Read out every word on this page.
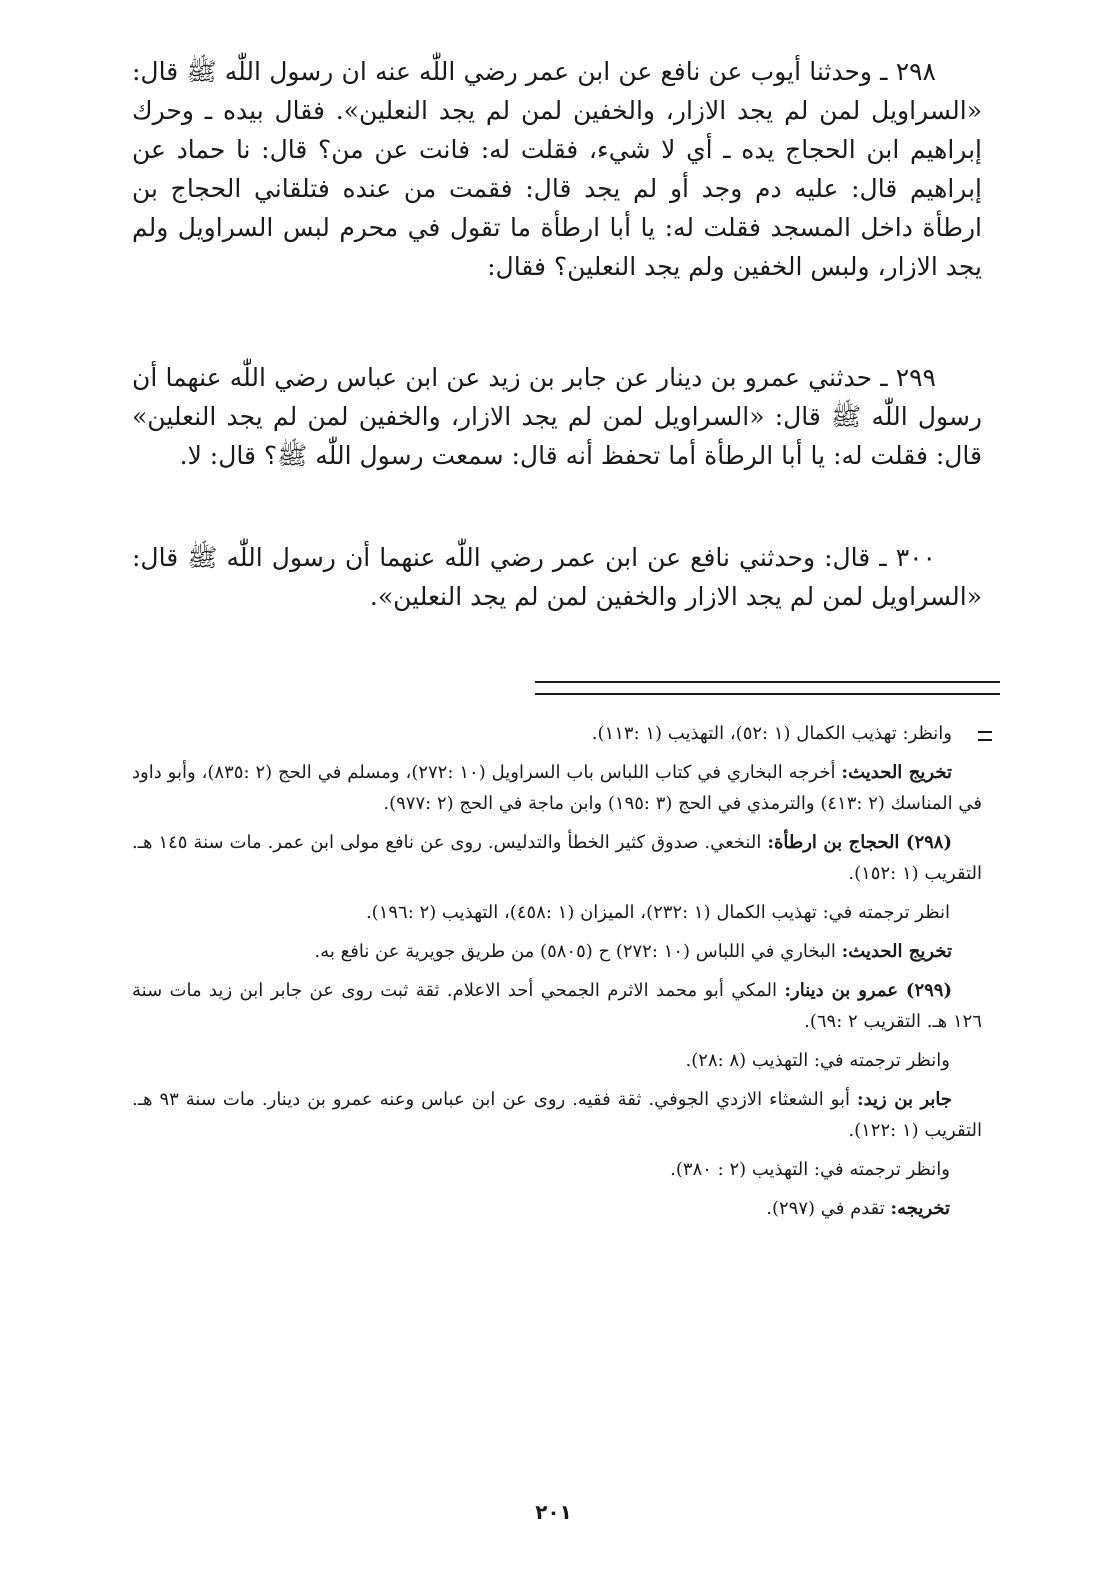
٢٩٨ ـ وحدثنا أيوب عن نافع عن ابن عمر رضي اللّٰه عنه ان رسول اللّٰه ﷺ قال: «السراويل لمن لم يجد الازار، والخفين لمن لم يجد النعلين». فقال بيده ـ وحرك إبراهيم ابن الحجاج يده ـ أي لا شيء، فقلت له: فانت عن من؟ قال: نا حماد عن إبراهيم قال: عليه دم وجد أو لم يجد قال: فقمت من عنده فتلقاني الحجاج بن ارطأة داخل المسجد فقلت له: يا أبا ارطأة ما تقول في محرم لبس السراويل ولم يجد الازار، ولبس الخفين ولم يجد النعلين؟ فقال:

٢٩٩ ـ حدثني عمرو بن دينار عن جابر بن زيد عن ابن عباس رضي اللّٰه عنهما أن رسول اللّٰه ﷺ قال: «السراويل لمن لم يجد الازار، والخفين لمن لم يجد النعلين» قال: فقلت له: يا أبا الرطأة أما تحفظ أنه قال: سمعت رسول اللّٰه ﷺ؟ قال: لا.

٣٠٠ ـ قال: وحدثني نافع عن ابن عمر رضي اللّٰه عنهما أن رسول اللّٰه ﷺ قال: «السراويل لمن لم يجد الازار والخفين لمن لم يجد النعلين».

وانظر: تهذيب الكمال (١ :٥٢)، التهذيب (١ :١١٣).

تخريج الحديث: أخرجه البخاري في كتاب اللباس باب السراويل (١٠ :٢٧٢)، ومسلم في الحج (٢ :٨٣٥)، وأبو داود في المناسك (٢ :٤١٣) والترمذي في الحج (٣ :١٩٥) وابن ماجة في الحج (٢ :٩٧٧).

(٢٩٨) الحجاج بن ارطأة: النخعي. صدوق كثير الخطأ والتدليس. روى عن نافع مولى ابن عمر. مات سنة ١٤٥ هـ. التقريب (١ :١٥٢).

انظر ترجمته في: تهذيب الكمال (١ :٢٣٢)، الميزان (١ :٤٥٨)، التهذيب (٢ :١٩٦).

تخريج الحديث: البخاري في اللباس (١٠ :٢٧٢) ح (٥٨٠٥) من طريق جويرية عن نافع به.

(٢٩٩) عمرو بن دينار: المكي أبو محمد الاثرم الجمحي أحد الاعلام. ثقة ثبت روى عن جابر ابن زيد مات سنة ١٢٦ هـ. التقريب ٢ :٦٩).

وانظر ترجمته في: التهذيب (٨ :٢٨).

جابر بن زيد: أبو الشعثاء الازدي الجوفي. ثقة فقيه. روى عن ابن عباس وعنه عمرو بن دينار. مات سنة ٩٣ هـ. التقريب (١ :١٢٢).

وانظر ترجمته في: التهذيب (٢ : ٣٨٠).

تخريجه: تقدم في (٢٩٧).

٢٠١
